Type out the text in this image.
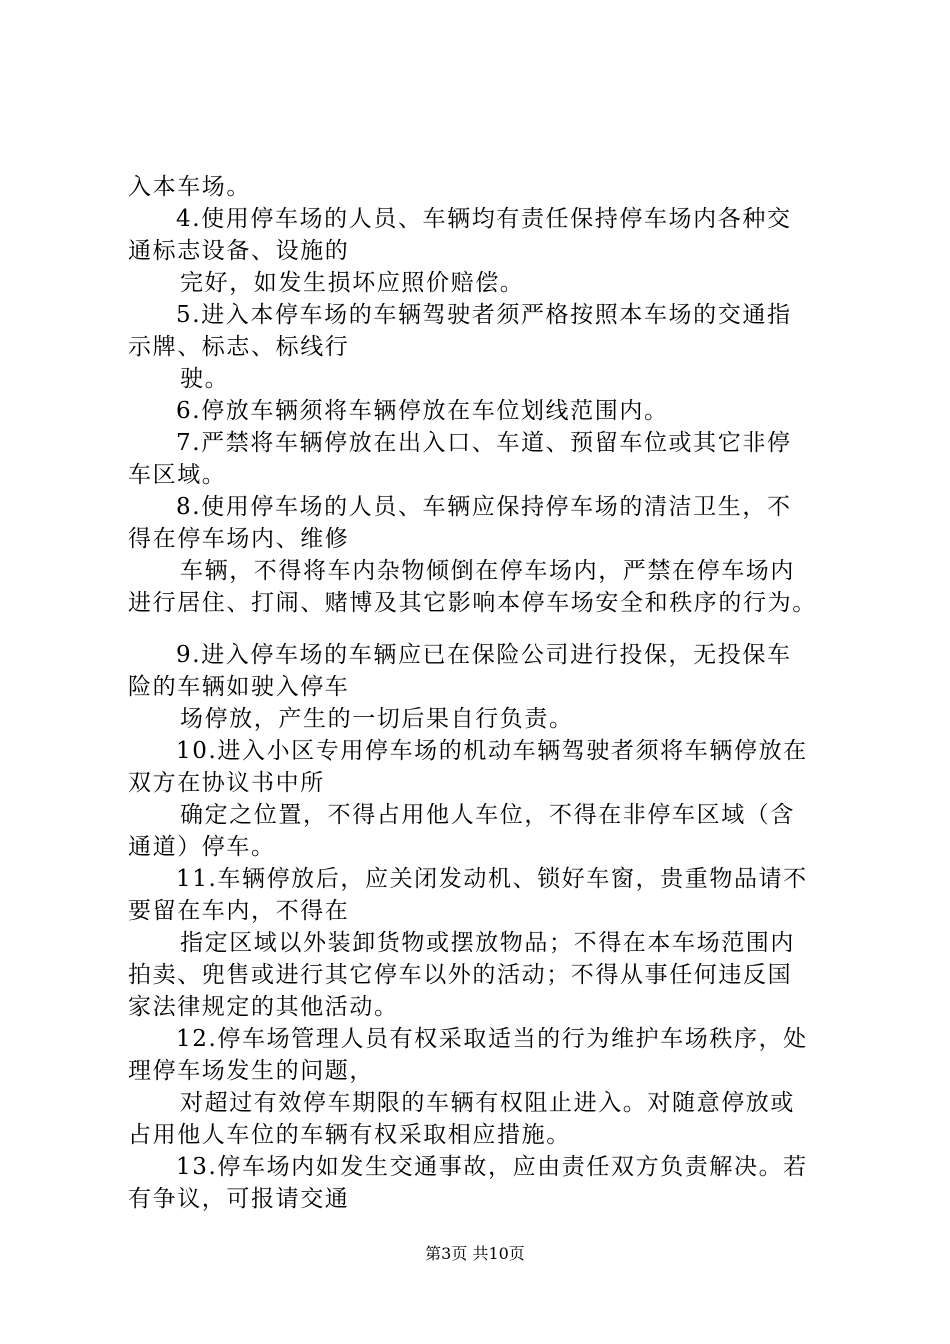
入本车场。
4.使用停车场的人员、车辆均有责任保持停车场内各种交
通标志设备、设施的
完好，如发生损坏应照价赔偿。
5.进入本停车场的车辆驾驶者须严格按照本车场的交通指
示牌、标志、标线行
驶。
6.停放车辆须将车辆停放在车位划线范围内。
7.严禁将车辆停放在出入口、车道、预留车位或其它非停
车区域。
8.使用停车场的人员、车辆应保持停车场的清洁卫生，不
得在停车场内、维修
车辆，不得将车内杂物倾倒在停车场内，严禁在停车场内
进行居住、打闹、赌博及其它影响本停车场安全和秩序的行为。
9.进入停车场的车辆应已在保险公司进行投保，无投保车
险的车辆如驶入停车
场停放，产生的一切后果自行负责。
10.进入小区专用停车场的机动车辆驾驶者须将车辆停放在
双方在协议书中所
确定之位置，不得占用他人车位，不得在非停车区域（含
通道）停车。
11.车辆停放后，应关闭发动机、锁好车窗，贵重物品请不
要留在车内，不得在
指定区域以外装卸货物或摆放物品；不得在本车场范围内
拍卖、兜售或进行其它停车以外的活动；不得从事任何违反国
家法律规定的其他活动。
12.停车场管理人员有权采取适当的行为维护车场秩序，处
理停车场发生的问题，
对超过有效停车期限的车辆有权阻止进入。对随意停放或
占用他人车位的车辆有权采取相应措施。
13.停车场内如发生交通事故，应由责任双方负责解决。若
有争议，可报请交通
第3页 共10页
